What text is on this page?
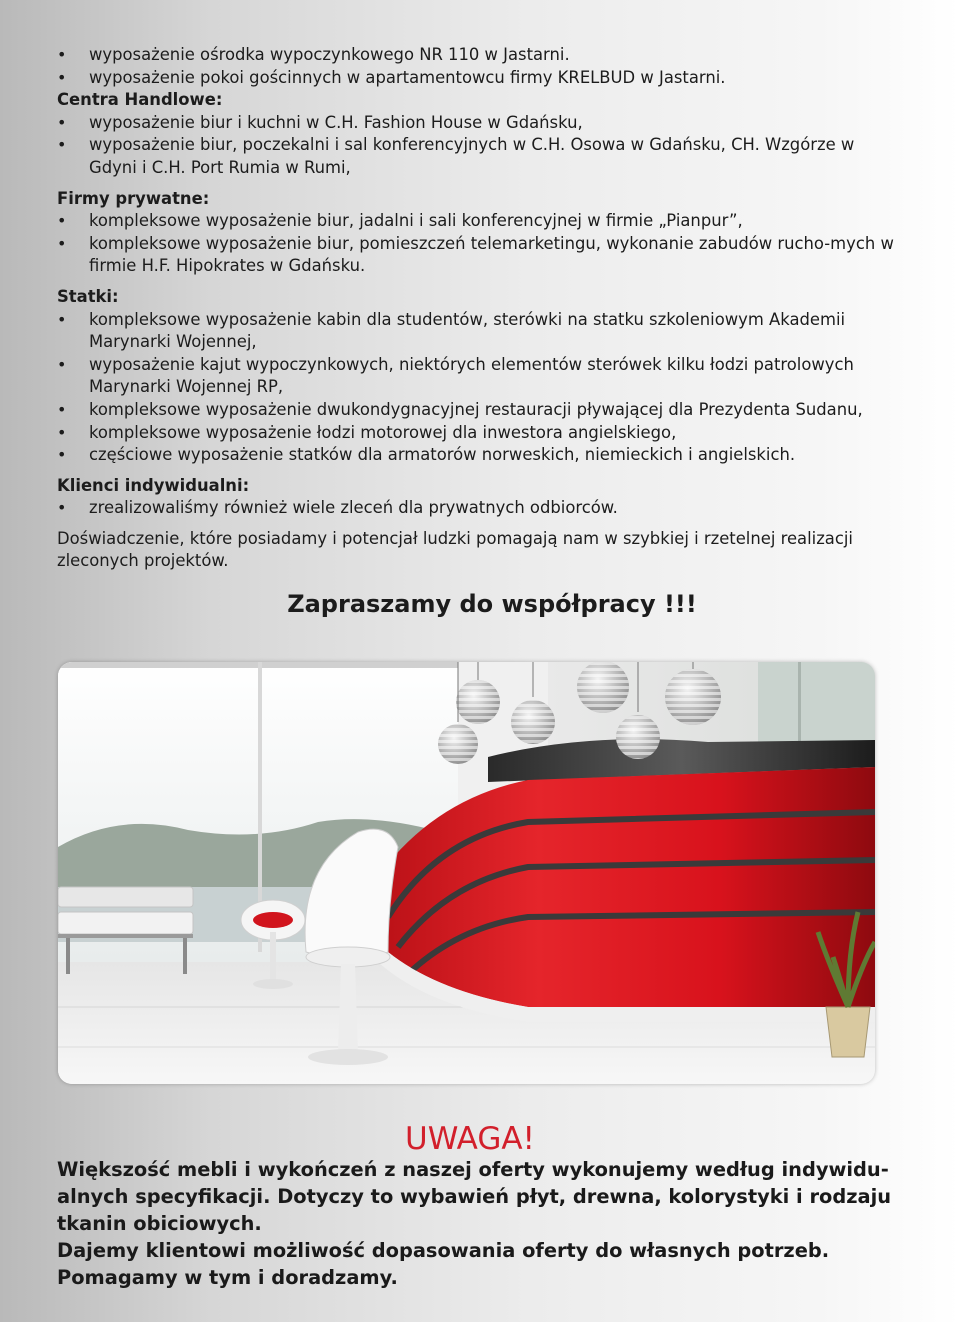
• wyposażenie ośrodka wypoczynkowego NR 110 w Jastarni.
• wyposażenie pokoi gościnnych w apartamentowcu firmy KRELBUD w Jastarni.
Centra Handlowe:
• wyposażenie biur i kuchni w C.H. Fashion House w Gdańsku,
• wyposażenie biur, poczekalni i sal konferencyjnych w C.H. Osowa w Gdańsku, CH. Wzgórze w Gdyni i C.H. Port Rumia w Rumi,
Firmy prywatne:
• kompleksowe wyposażenie biur, jadalni i sali konferencyjnej w firmie „Pianpur”,
• kompleksowe wyposażenie biur, pomieszczeń telemarketingu, wykonanie zabudów rucho-mych w firmie H.F. Hipokrates w Gdańsku.
Statki:
• kompleksowe wyposażenie kabin dla studentów, sterówki na statku szkoleniowym Akademii Marynarki Wojennej,
• wyposażenie kajut wypoczynkowych, niektórych elementów sterówek kilku łodzi patrolowych Marynarki Wojennej RP,
• kompleksowe wyposażenie dwukondygnacyjnej restauracji pływającej dla Prezydenta Sudanu,
• kompleksowe wyposażenie łodzi motorowej dla inwestora angielskiego,
• częściowe wyposażenie statków dla armatorów norweskich, niemieckich i angielskich.
Klienci indywidualni:
• zrealizowaliśmy również wiele zleceń dla prywatnych odbiorców.
Doświadczenie, które posiadamy i potencjał ludzki pomagają nam w szybkiej i rzetelnej realizacji zleconych projektów.
Zapraszamy do współpracy !!!
UWAGA!

Większość mebli i wykończeń z naszej oferty wykonujemy według indywidu-alnych specyfikacji. Dotyczy to wybawień płyt, drewna, kolorystyki i rodzaju tkanin obiciowych.

Dajemy klientowi możliwość dopasowania oferty do własnych potrzeb.

Pomagamy w tym i doradzamy.
